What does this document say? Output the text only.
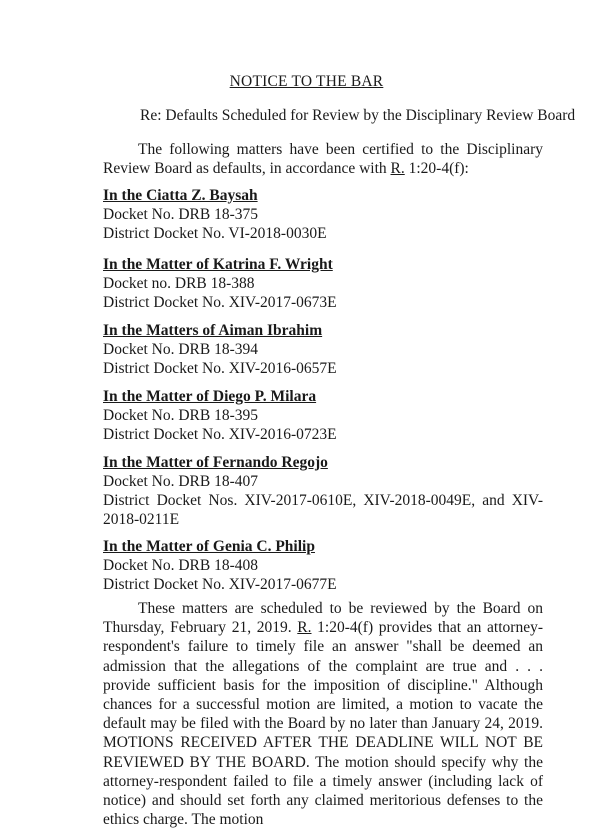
NOTICE TO THE BAR
Re: Defaults Scheduled for Review by the Disciplinary Review Board

The following matters have been certified to the Disciplinary Review Board as defaults, in accordance with R. 1:20-4(f):

In the Ciatta Z. Baysah
Docket No. DRB 18-375
District Docket No. VI-2018-0030E
In the Matter of Katrina F. Wright
Docket no. DRB 18-388
District Docket No. XIV-2017-0673E
In the Matters of Aiman Ibrahim
Docket No. DRB 18-394
District Docket No. XIV-2016-0657E
In the Matter of Diego P. Milara
Docket No. DRB 18-395
District Docket No. XIV-2016-0723E
In the Matter of Fernando Regojo
Docket No. DRB 18-407
District Docket Nos. XIV-2017-0610E, XIV-2018-0049E, and XIV-2018-0211E
In the Matter of Genia C. Philip
Docket No. DRB 18-408
District Docket No. XIV-2017-0677E

These matters are scheduled to be reviewed by the Board on Thursday, February 21, 2019. R. 1:20-4(f) provides that an attorney-respondent's failure to timely file an answer "shall be deemed an admission that the allegations of the complaint are true and . . . provide sufficient basis for the imposition of discipline." Although chances for a successful motion are limited, a motion to vacate the default may be filed with the Board by no later than January 24, 2019. MOTIONS RECEIVED AFTER THE DEADLINE WILL NOT BE REVIEWED BY THE BOARD. The motion should specify why the attorney-respondent failed to file a timely answer (including lack of notice) and should set forth any claimed meritorious defenses to the ethics charge. The motion
